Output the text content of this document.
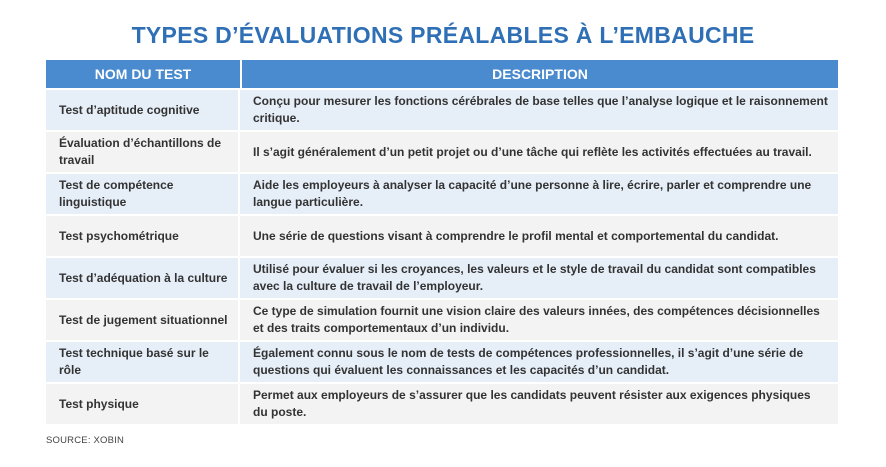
TYPES D’ÉVALUATIONS PRÉALABLES À L’EMBAUCHE
NOM DU TEST	DESCRIPTION
Test d’aptitude cognitive
Conçu pour mesurer les fonctions cérébrales de base telles que l’analyse logique et le raisonnement critique.
Évaluation d’échantillons de travail
Il s’agit généralement d’un petit projet ou d’une tâche qui reflète les activités effectuées au travail.
Test de compétence linguistique
Aide les employeurs à analyser la capacité d’une personne à lire, écrire, parler et comprendre une langue particulière.
Test psychométrique	Une série de questions visant à comprendre le profil mental et comportemental du candidat.
Test d’adéquation à la culture
Utilisé pour évaluer si les croyances, les valeurs et le style de travail du candidat sont compatibles avec la culture de travail de l’employeur.
Test de jugement situationnel
Ce type de simulation fournit une vision claire des valeurs innées, des compétences décisionnelles et des traits comportementaux d’un individu.
Test technique basé sur le rôle
Également connu sous le nom de tests de compétences professionnelles, il s’agit d’une série de questions qui évaluent les connaissances et les capacités d’un candidat.
Test physique
Permet aux employeurs de s’assurer que les candidats peuvent résister aux exigences physiques du poste.
SOURCE: XOBIN
